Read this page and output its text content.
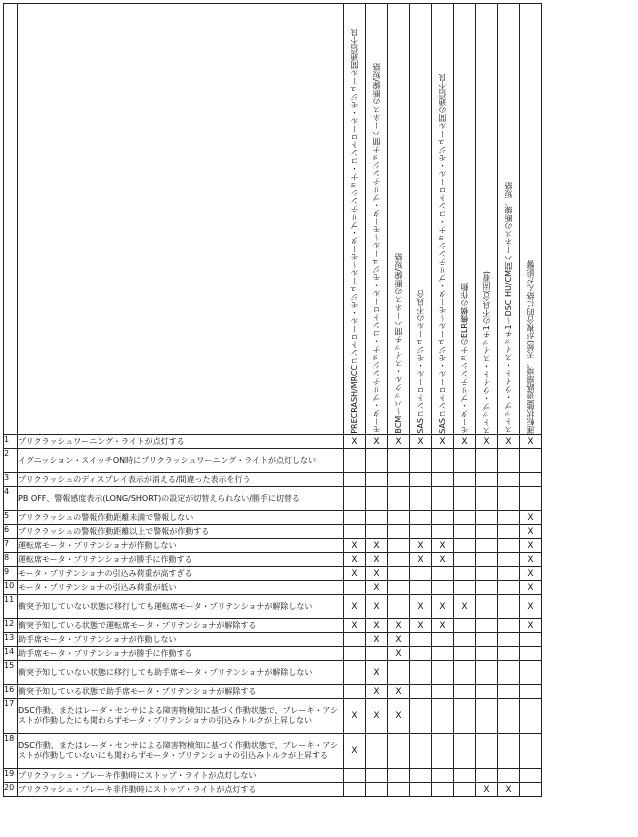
		PRECRASH/MRCCコントロール・モジュール～モータ・プリテンショナ・コントロール・モジュール間通信不良	モータ・プリテンショナ・コントロール・モジュール～モータ・プリテンショナ間ハーネスの断線/短絡	BCM～バックル・スイッチ間ハーネスの断線/短絡	SASコントロール・モジュールの不具合	SASコントロール・モジュール～モータ・プリテンショナ・コントロール・モジュール間の通信不良	モータ・プリテンショナのELR機構の作動	ストップ・ライト・スイッチ1の不具合(固着)	ストップ・ライト・スイッチ1～DSC HU/CM間ハーネスの断線、短絡	運転状態(道路環境、天候)が複合的に絡んだ影響

1	プリクラッシュワーニング・ライトが点灯する	X	X	X	X	X	X	X	X	X
2	イグニッション・スイッチON時にプリクラッシュワーニング・ライトが点灯しない									
3	プリクラッシュのディスプレイ表示が消える/間違った表示を行う									
4	PB OFF、警報感度表示(LONG/SHORT)の設定が切替えられない/勝手に切替る									
5	プリクラッシュの警報作動距離未満で警報しない									X
6	プリクラッシュの警報作動距離以上で警報が作動する									X
7	運転席モータ・プリテンショナが作動しない	X	X		X	X				X
8	運転席モータ・プリテンショナが勝手に作動する	X	X		X	X				X
9	モータ・プリテンショナの引込み荷重が高すぎる	X	X							X
10	モータ・プリテンショナの引込み荷重が低い		X							X
11	衝突予知していない状態に移行しても運転席モータ・プリテンショナが解除しない	X	X		X	X	X			X
12	衝突予知している状態で運転席モータ・プリテンショナが解除する	X	X	X	X	X				X
13	助手席モータ・プリテンショナが作動しない		X	X						
14	助手席モータ・プリテンショナが勝手に作動する			X						
15	衝突予知していない状態に移行しても助手席モータ・プリテンショナが解除しない		X							
16	衝突予知している状態で助手席モータ・プリテンショナが解除する		X	X						
17	DSC作動、またはレーダ・センサによる障害物検知に基づく作動状態で、ブレーキ・アシストが作動したにも関わらずモータ・プリテンショナの引込みトルクが上昇しない	X	X	X						
18	DSC作動、またはレーダ・センサによる障害物検知に基づく作動状態で、ブレーキ・アシストが作動していないにも関わらずモータ・プリテンショナの引込みトルクが上昇する	X								
19	プリクラッシュ・ブレーキ作動時にストップ・ライトが点灯しない									
20	プリクラッシュ・ブレーキ非作動時にストップ・ライトが点灯する							X	X	
